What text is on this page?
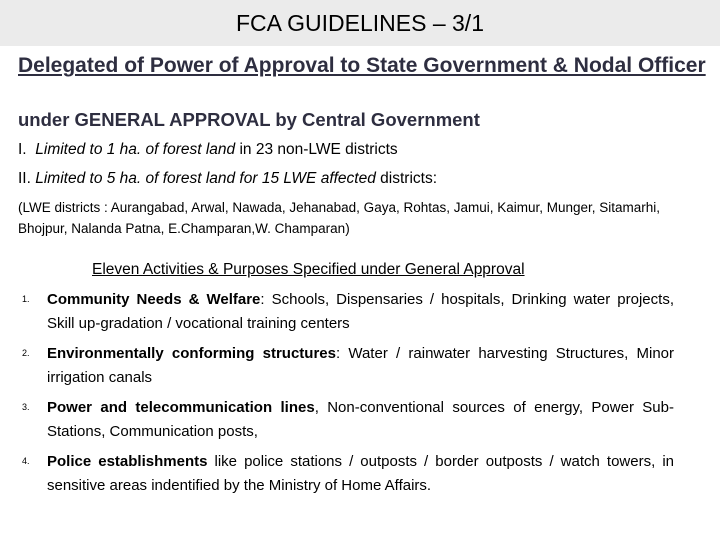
FCA GUIDELINES – 3/1
Delegated of Power of Approval to State Government & Nodal Officer
under GENERAL APPROVAL by Central Government
I. Limited to 1 ha. of forest land in 23 non-LWE districts
II. Limited to 5 ha. of forest land for 15 LWE affected districts:
(LWE districts : Aurangabad, Arwal, Nawada, Jehanabad, Gaya, Rohtas, Jamui, Kaimur, Munger, Sitamarhi, Bhojpur, Nalanda Patna, E.Champaran,W. Champaran)
Eleven Activities & Purposes Specified under General Approval
1.	Community Needs & Welfare: Schools, Dispensaries / hospitals, Drinking water projects, Skill up-gradation / vocational training centers
2.	Environmentally conforming structures: Water / rainwater harvesting Structures, Minor irrigation canals
3.	Power and telecommunication lines, Non-conventional sources of energy, Power Sub-Stations, Communication posts,
4.	Police establishments like police stations / outposts / border outposts / watch towers, in sensitive areas indentified by the Ministry of Home Affairs.
